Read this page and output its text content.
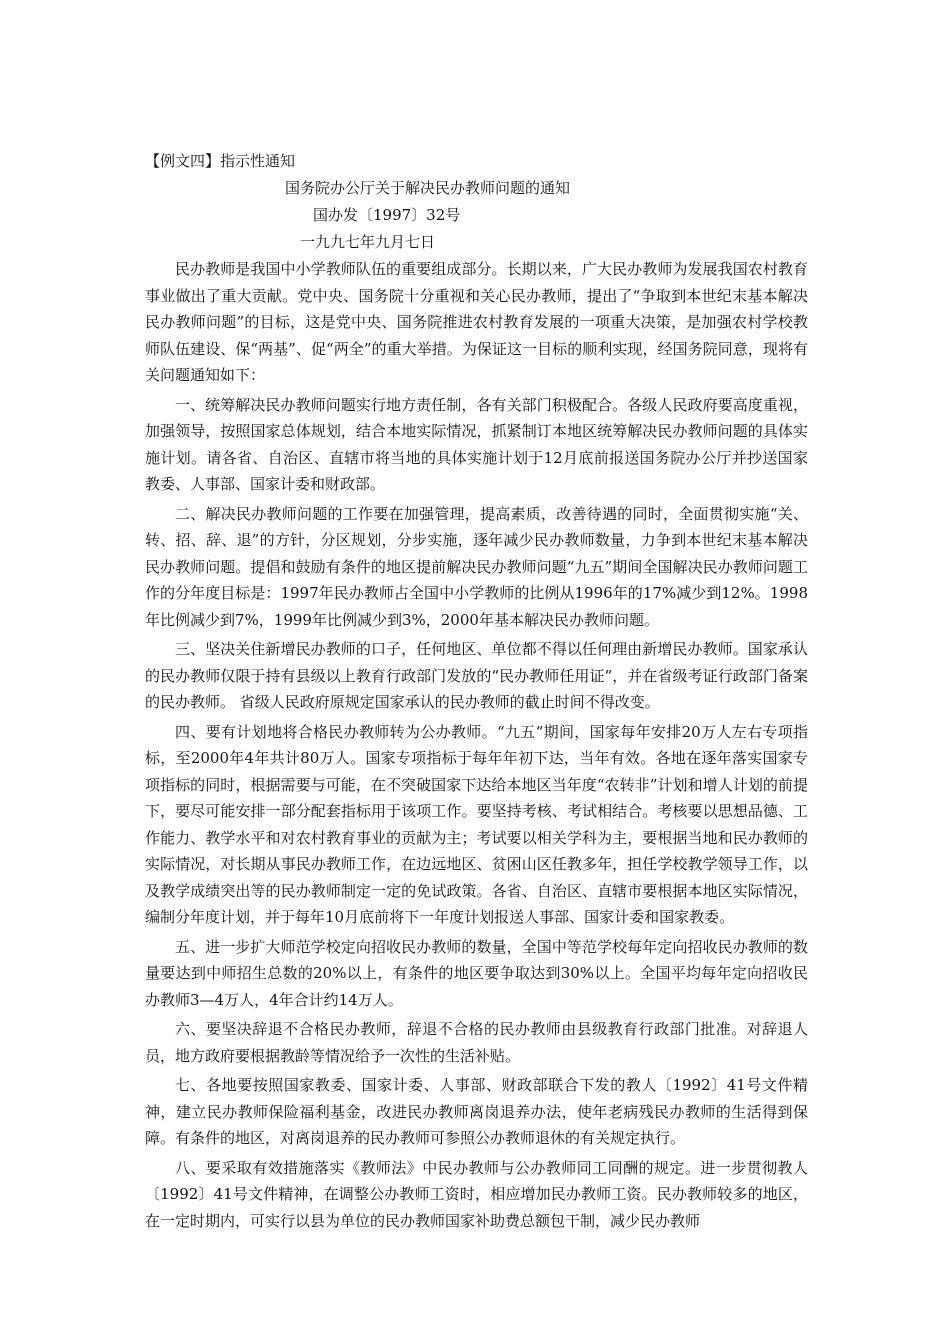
【例文四】指示性通知

国务院办公厅关于解决民办教师问题的通知

国办发〔1997〕32号

一九九七年九月七日

民办教师是我国中小学教师队伍的重要组成部分。长期以来，广大民办教师为发展我国农村教育事业做出了重大贡献。党中央、国务院十分重视和关心民办教师，提出了“争取到本世纪末基本解决民办教师问题”的目标，这是党中央、国务院推进农村教育发展的一项重大决策，是加强农村学校教师队伍建设、保“两基”、促“两全”的重大举措。为保证这一目标的顺利实现，经国务院同意，现将有关问题通知如下：

一、统筹解决民办教师问题实行地方责任制，各有关部门积极配合。各级人民政府要高度重视，加强领导，按照国家总体规划，结合本地实际情况，抓紧制订本地区统筹解决民办教师问题的具体实施计划。请各省、自治区、直辖市将当地的具体实施计划于12月底前报送国务院办公厅并抄送国家教委、人事部、国家计委和财政部。

二、解决民办教师问题的工作要在加强管理，提高素质，改善待遇的同时，全面贯彻实施“关、转、招、辞、退”的方针，分区规划，分步实施，逐年减少民办教师数量，力争到本世纪末基本解决民办教师问题。提倡和鼓励有条件的地区提前解决民办教师问题“九五”期间全国解决民办教师问题工作的分年度目标是：1997年民办教师占全国中小学教师的比例从1996年的17%减少到12%。1998年比例减少到7%，1999年比例减少到3%，2000年基本解决民办教师问题。

三、坚决关住新增民办教师的口子，任何地区、单位都不得以任何理由新增民办教师。国家承认的民办教师仅限于持有县级以上教育行政部门发放的“民办教师任用证“，并在省级考证行政部门备案的民办教师。 省级人民政府原规定国家承认的民办教师的截止时间不得改变。

四、要有计划地将合格民办教师转为公办教师。“九五“期间，国家每年安排20万人左右专项指标，至2000年4年共计80万人。国家专项指标于每年年初下达，当年有效。各地在逐年落实国家专项指标的同时，根据需要与可能，在不突破国家下达给本地区当年度“农转非”计划和增人计划的前提下，要尽可能安排一部分配套指标用于该项工作。要坚持考核、考试相结合。考核要以思想品德、工作能力、教学水平和对农村教育事业的贡献为主；考试要以相关学科为主，要根据当地和民办教师的实际情况，对长期从事民办教师工作，在边远地区、贫困山区任教多年，担任学校教学领导工作，以及教学成绩突出等的民办教师制定一定的免试政策。各省、自治区、直辖市要根据本地区实际情况，编制分年度计划，并于每年10月底前将下一年度计划报送人事部、国家计委和国家教委。

五、进一步扩大师范学校定向招收民办教师的数量，全国中等范学校每年定向招收民办教师的数量要达到中师招生总数的20%以上，有条件的地区要争取达到30%以上。全国平均每年定向招收民办教师3—4万人，4年合计约14万人。

六、要坚决辞退不合格民办教师，辞退不合格的民办教师由县级教育行政部门批准。对辞退人员，地方政府要根据教龄等情况给予一次性的生活补贴。

七、各地要按照国家教委、国家计委、人事部、财政部联合下发的教人〔1992〕41号文件精神，建立民办教师保险福利基金，改进民办教师离岗退养办法，使年老病残民办教师的生活得到保障。有条件的地区，对离岗退养的民办教师可参照公办教师退休的有关规定执行。

八、要采取有效措施落实《教师法》中民办教师与公办教师同工同酬的规定。进一步贯彻教人〔1992〕41号文件精神，在调整公办教师工资时，相应增加民办教师工资。民办教师较多的地区，在一定时期内，可实行以县为单位的民办教师国家补助费总额包干制，减少民办教师
